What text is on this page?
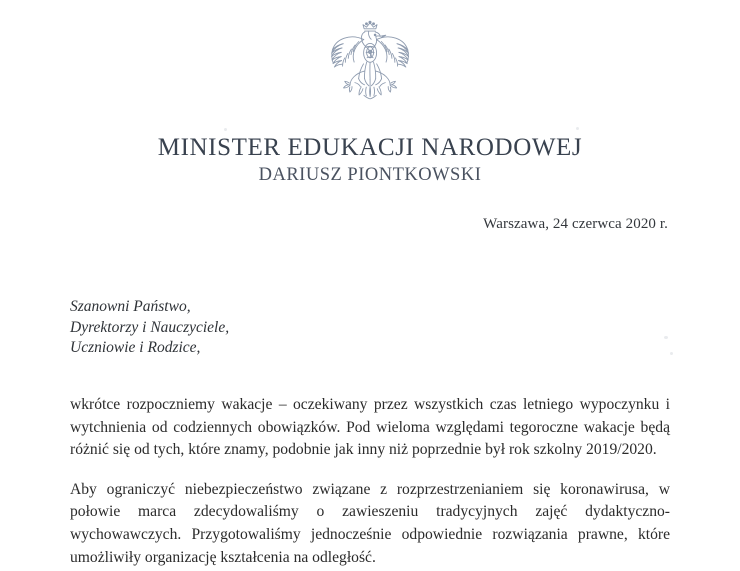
MINISTER EDUKACJI NARODOWEJ
DARIUSZ PIONTKOWSKI
Warszawa, 24 czerwca 2020 r.
Szanowni Państwo,
Dyrektorzy i Nauczyciele,
Uczniowie i Rodzice,

wkrótce rozpoczniemy wakacje – oczekiwany przez wszystkich czas letniego wypoczynku i wytchnienia od codziennych obowiązków. Pod wieloma względami tegoroczne wakacje będą różnić się od tych, które znamy, podobnie jak inny niż poprzednie był rok szkolny 2019/2020.

Aby ograniczyć niebezpieczeństwo związane z rozprzestrzenianiem się koronawirusa, w połowie marca zdecydowaliśmy o zawieszeniu tradycyjnych zajęć dydaktyczno-wychowawczych. Przygotowaliśmy jednocześnie odpowiednie rozwiązania prawne, które umożliwiły organizację kształcenia na odległość.
